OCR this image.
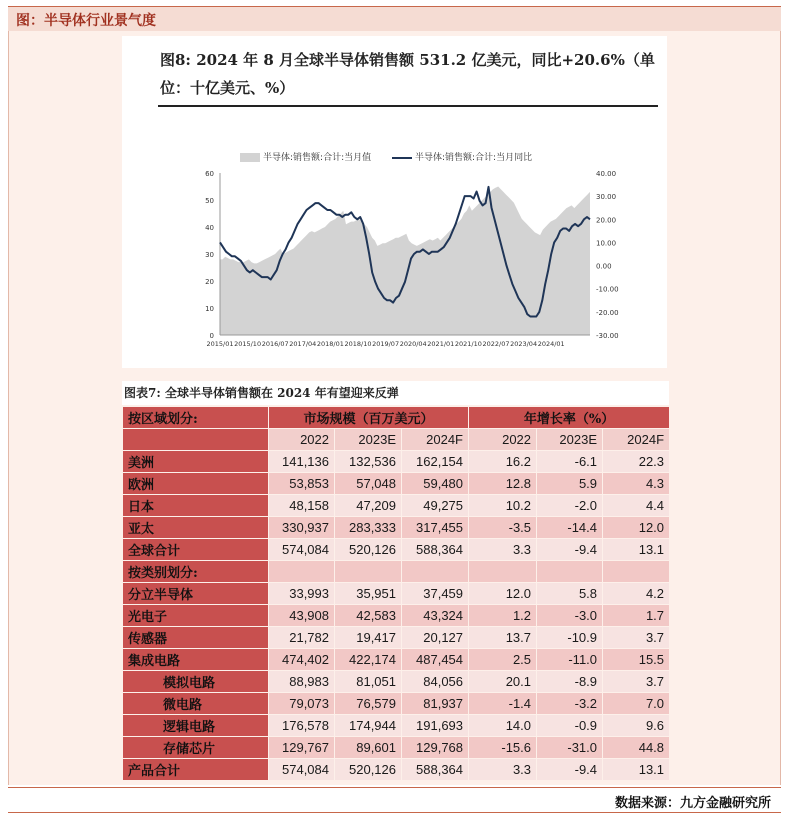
图：半导体行业景气度
图8: 2024 年 8 月全球半导体销售额 531.2 亿美元，同比+20.6%（单位：十亿美元、%）
半导体:销售额:合计:当月值	半导体:销售额:合计:当月同比
0
10
20
30
40
50
60
-30.00
-20.00
-10.00
0.00
10.00
20.00
30.00
40.00
2015/01 2015/10 2016/07 2017/04 2018/01 2018/10 2019/07 2020/04 2021/01 2021/10 2022/07 2023/04 2024/01
图表7: 全球半导体销售额在 2024 年有望迎来反弹
按区域划分:	市场规模（百万美元）			年增长率（%）		
	2022	2023E	2024F	2022	2023E	2024F
美洲	141,136	132,536	162,154	16.2	-6.1	22.3
欧洲	53,853	57,048	59,480	12.8	5.9	4.3
日本	48,158	47,209	49,275	10.2	-2.0	4.4
亚太	330,937	283,333	317,455	-3.5	-14.4	12.0
全球合计	574,084	520,126	588,364	3.3	-9.4	13.1
按类别划分:						
分立半导体	33,993	35,951	37,459	12.0	5.8	4.2
光电子	43,908	42,583	43,324	1.2	-3.0	1.7
传感器	21,782	19,417	20,127	13.7	-10.9	3.7
集成电路	474,402	422,174	487,454	2.5	-11.0	15.5
模拟电路	88,983	81,051	84,056	20.1	-8.9	3.7
微电路	79,073	76,579	81,937	-1.4	-3.2	7.0
逻辑电路	176,578	174,944	191,693	14.0	-0.9	9.6
存储芯片	129,767	89,601	129,768	-15.6	-31.0	44.8
产品合计	574,084	520,126	588,364	3.3	-9.4	13.1
数据来源：九方金融研究所
